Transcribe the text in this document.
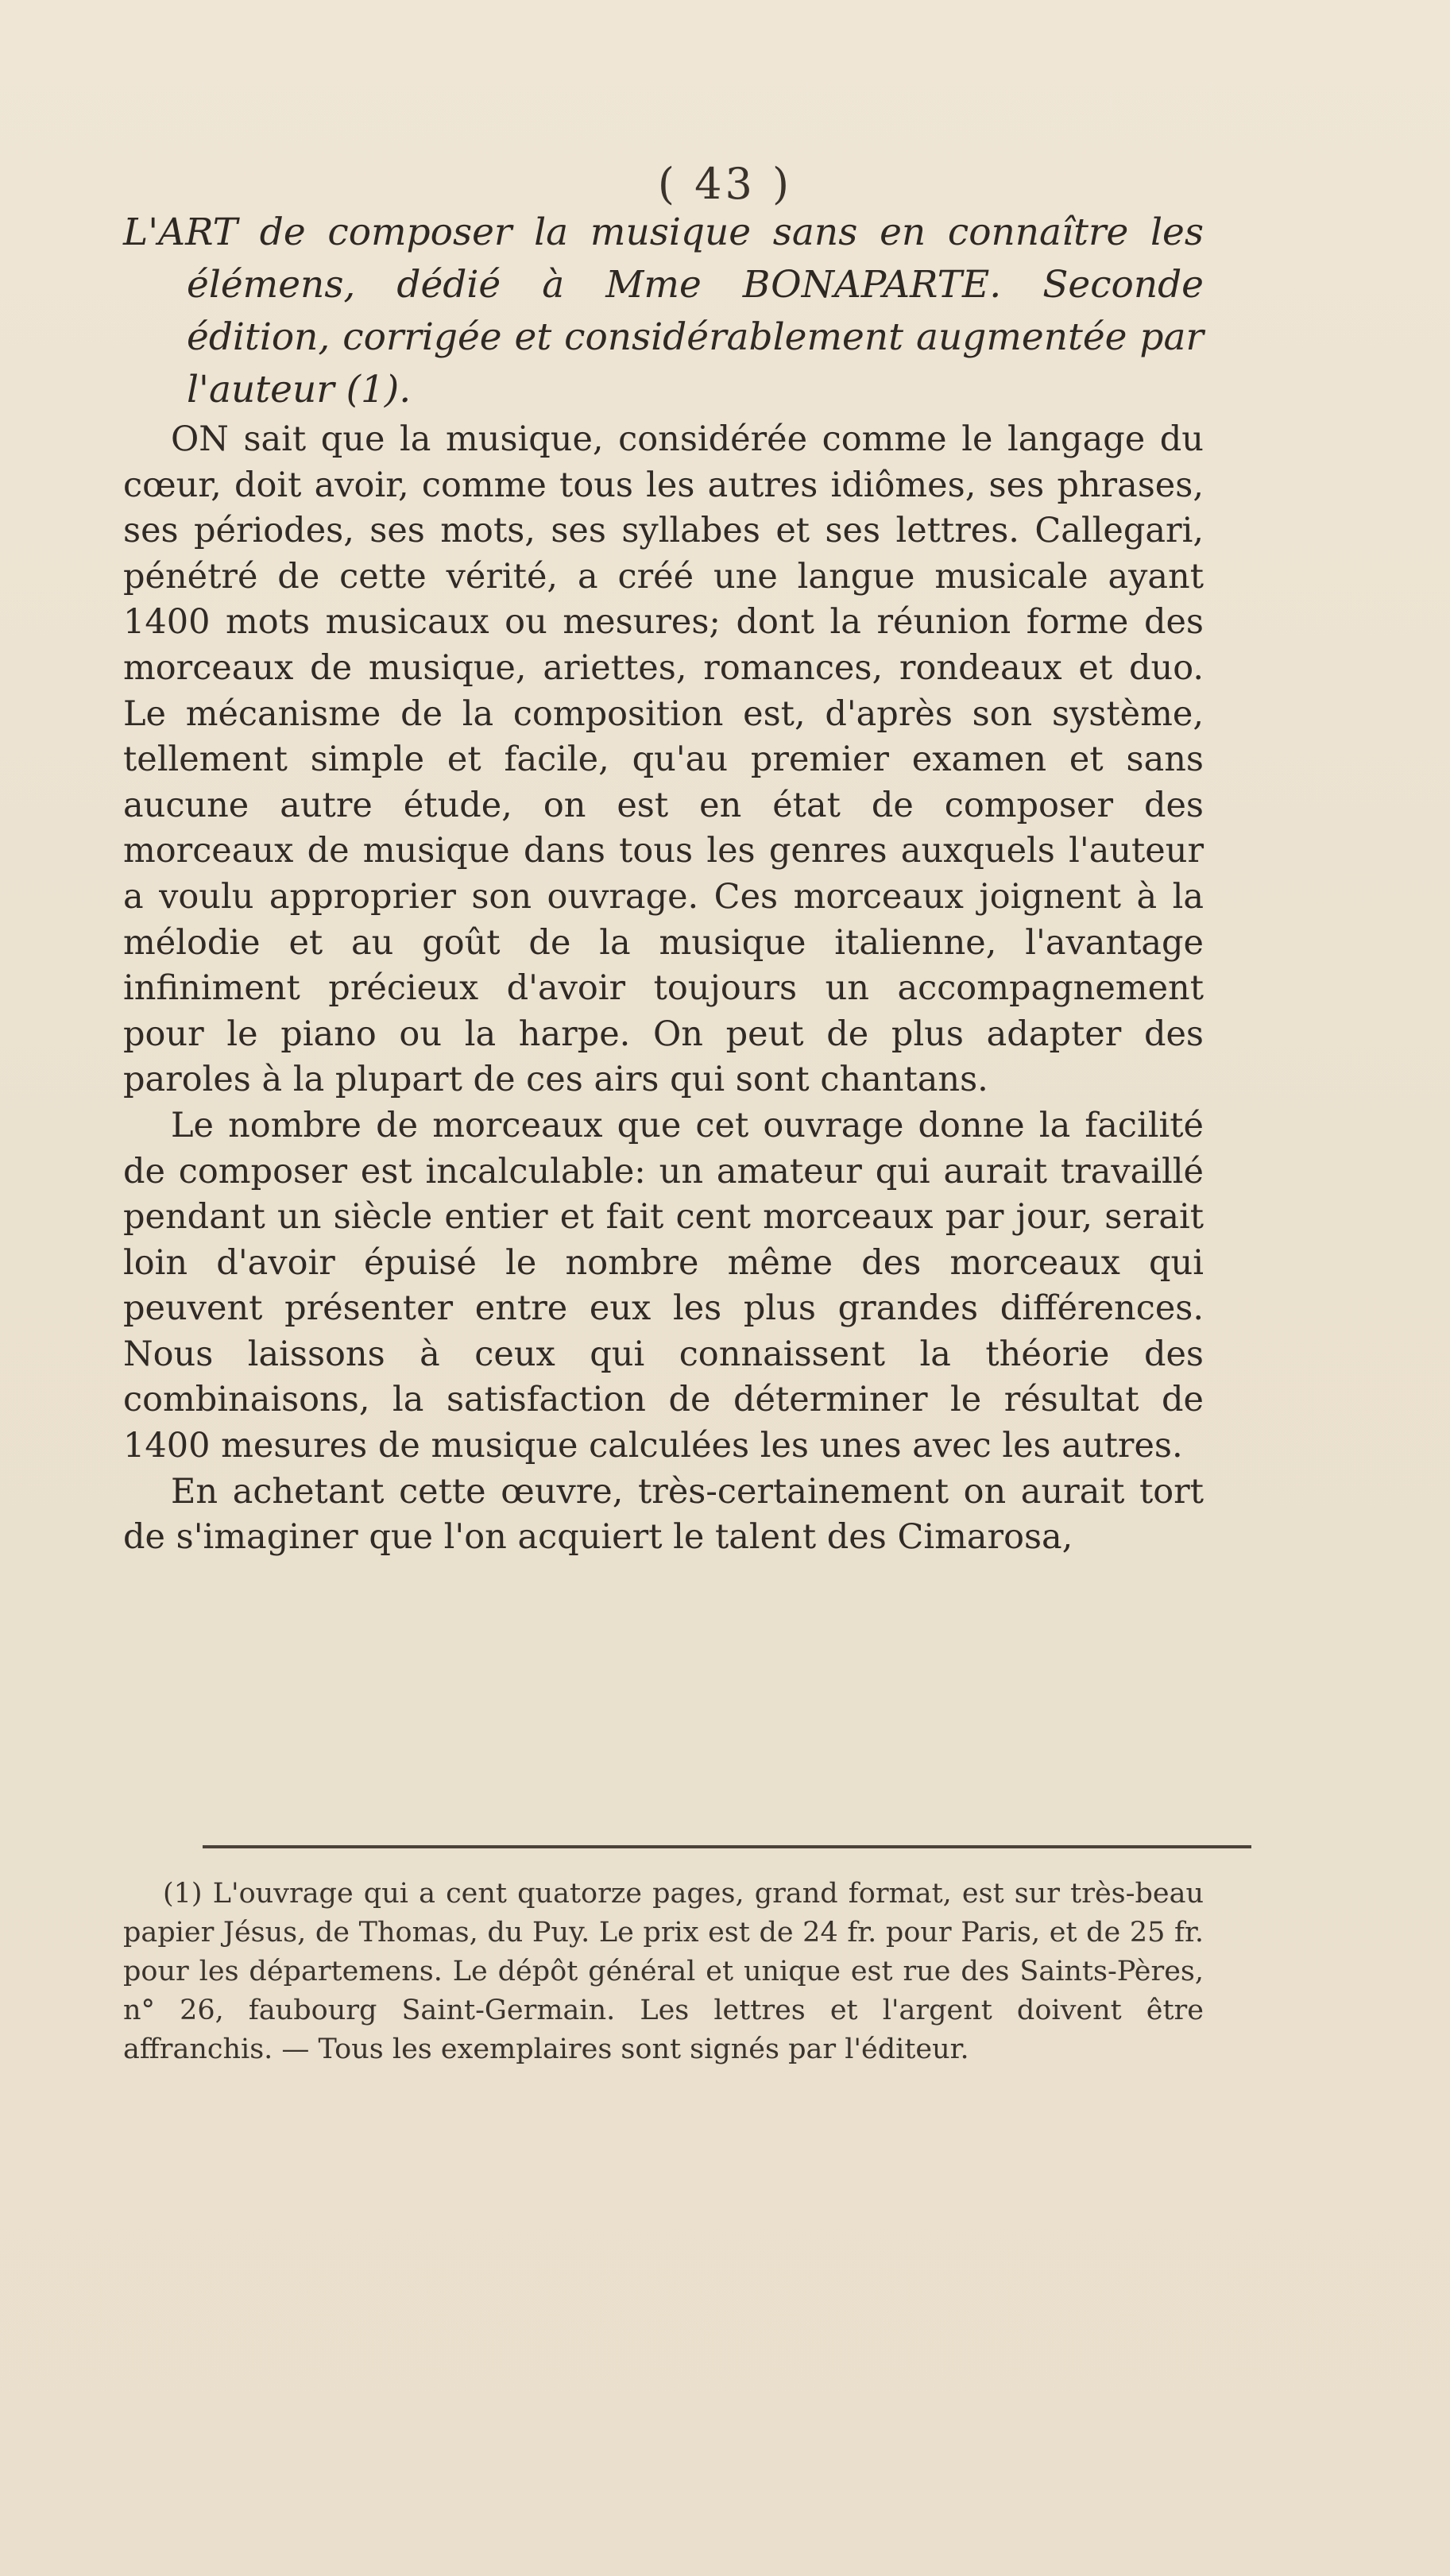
( 43 )

L'ART de composer la musique sans en connaître les élémens, dédié à Mme BONAPARTE. Seconde édition, corrigée et considérablement augmentée par l'auteur (1).

ON sait que la musique, considérée comme le langage du cœur, doit avoir, comme tous les autres idiômes, ses phrases, ses périodes, ses mots, ses syllabes et ses lettres. Callegari, pénétré de cette vérité, a créé une langue musicale ayant 1400 mots musicaux ou mesures; dont la réunion forme des morceaux de musique, ariettes, romances, rondeaux et duo. Le mécanisme de la composition est, d'après son système, tellement simple et facile, qu'au premier examen et sans aucune autre étude, on est en état de composer des morceaux de musique dans tous les genres auxquels l'auteur a voulu approprier son ouvrage. Ces morceaux joignent à la mélodie et au goût de la musique italienne, l'avantage infiniment précieux d'avoir toujours un accompagnement pour le piano ou la harpe. On peut de plus adapter des paroles à la plupart de ces airs qui sont chantans.

Le nombre de morceaux que cet ouvrage donne la facilité de composer est incalculable: un amateur qui aurait travaillé pendant un siècle entier et fait cent morceaux par jour, serait loin d'avoir épuisé le nombre même des morceaux qui peuvent présenter entre eux les plus grandes différences. Nous laissons à ceux qui connaissent la théorie des combinaisons, la satisfaction de déterminer le résultat de 1400 mesures de musique calculées les unes avec les autres.

En achetant cette œuvre, très-certainement on aurait tort de s'imaginer que l'on acquiert le talent des Cimarosa,

(1) L'ouvrage qui a cent quatorze pages, grand format, est sur très-beau papier Jésus, de Thomas, du Puy. Le prix est de 24 fr. pour Paris, et de 25 fr. pour les départemens. Le dépôt général et unique est rue des Saints-Pères, n° 26, faubourg Saint-Germain. Les lettres et l'argent doivent être affranchis. — Tous les exemplaires sont signés par l'éditeur.
